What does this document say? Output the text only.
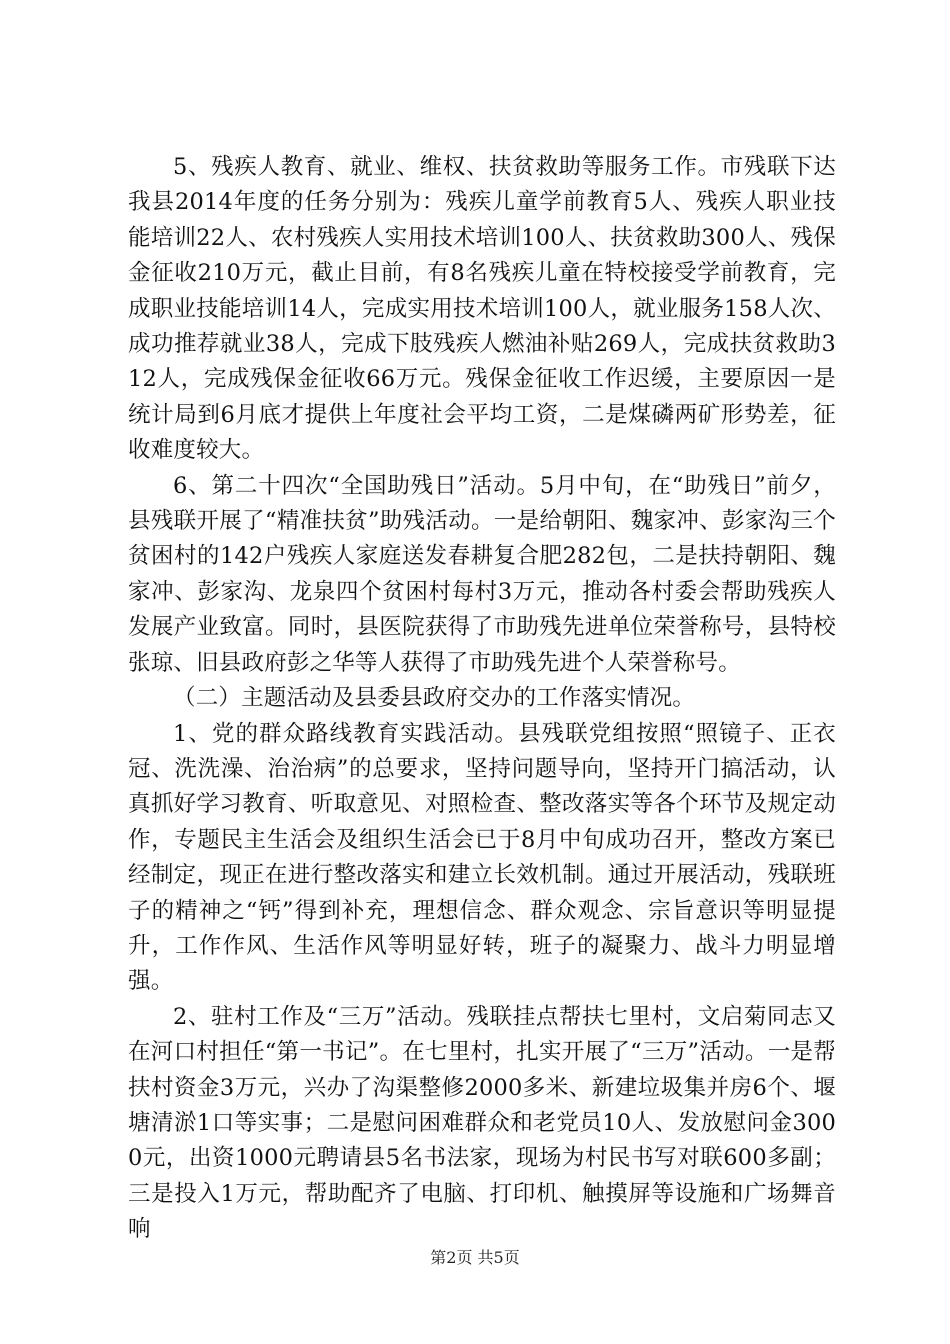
5、残疾人教育、就业、维权、扶贫救助等服务工作。市残联下达我县2014年度的任务分别为：残疾儿童学前教育5人、残疾人职业技能培训22人、农村残疾人实用技术培训100人、扶贫救助300人、残保金征收210万元，截止目前，有8名残疾儿童在特校接受学前教育，完成职业技能培训14人，完成实用技术培训100人，就业服务158人次、成功推荐就业38人，完成下肢残疾人燃油补贴269人，完成扶贫救助312人，完成残保金征收66万元。残保金征收工作迟缓，主要原因一是统计局到6月底才提供上年度社会平均工资，二是煤磷两矿形势差，征收难度较大。

6、第二十四次“全国助残日”活动。5月中旬，在“助残日”前夕，县残联开展了“精准扶贫”助残活动。一是给朝阳、魏家冲、彭家沟三个贫困村的142户残疾人家庭送发春耕复合肥282包，二是扶持朝阳、魏家冲、彭家沟、龙泉四个贫困村每村3万元，推动各村委会帮助残疾人发展产业致富。同时，县医院获得了市助残先进单位荣誉称号，县特校张琼、旧县政府彭之华等人获得了市助残先进个人荣誉称号。

（二）主题活动及县委县政府交办的工作落实情况。

1、党的群众路线教育实践活动。县残联党组按照“照镜子、正衣冠、洗洗澡、治治病”的总要求，坚持问题导向，坚持开门搞活动，认真抓好学习教育、听取意见、对照检查、整改落实等各个环节及规定动作，专题民主生活会及组织生活会已于8月中旬成功召开，整改方案已经制定，现正在进行整改落实和建立长效机制。通过开展活动，残联班子的精神之“钙”得到补充，理想信念、群众观念、宗旨意识等明显提升，工作作风、生活作风等明显好转，班子的凝聚力、战斗力明显增强。

2、驻村工作及“三万”活动。残联挂点帮扶七里村，文启菊同志又在河口村担任“第一书记”。在七里村，扎实开展了“三万”活动。一是帮扶村资金3万元，兴办了沟渠整修2000多米、新建垃圾集并房6个、堰塘清淤1口等实事；二是慰问困难群众和老党员10人、发放慰问金3000元，出资1000元聘请县5名书法家，现场为村民书写对联600多副；三是投入1万元，帮助配齐了电脑、打印机、触摸屏等设施和广场舞音响

第2页 共5页
